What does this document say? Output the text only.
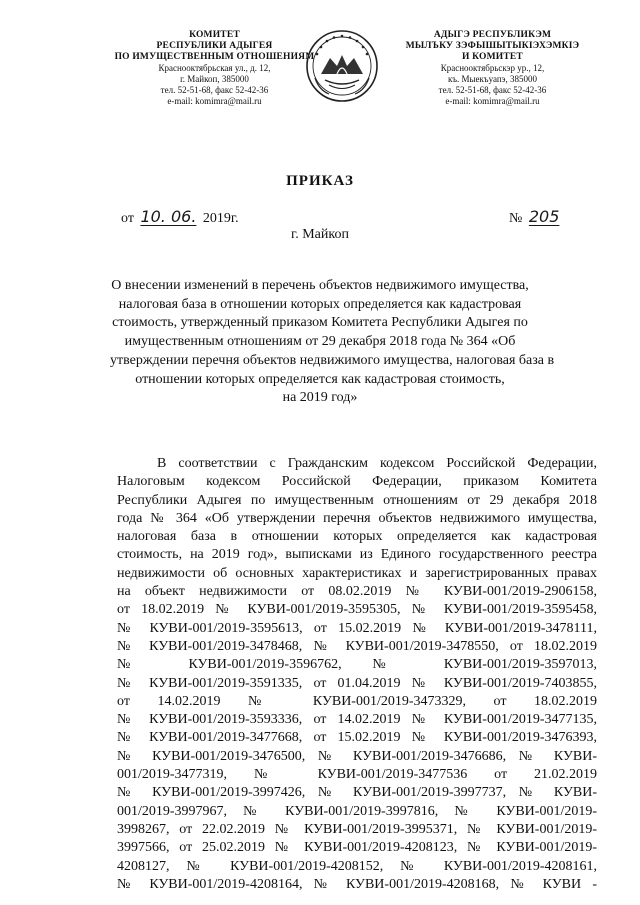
КОМИТЕТ
РЕСПУБЛИКИ АДЫГЕЯ
ПО ИМУЩЕСТВЕННЫМ ОТНОШЕНИЯМ
Краснооктябрьская ул., д. 12,
г. Майкоп, 385000
тел. 52-51-68, факс 52-42-36
e-mail: komimra@mail.ru
АДЫГЭ РЕСПУБЛИКЭМ
МЫЛЪКУ ЗЭФЫШЫТЫКІЭХЭМКІЭ
И КОМИТЕТ
Краснооктябрьскэр ур., 12,
къ. Мыекъуапэ, 385000
тел. 52-51-68, факс 52-42-36
e-mail: komimra@mail.ru
ПРИКАЗ
от 10. 06. 2019г.	№ 205
г. Майкоп
О внесении изменений в перечень объектов недвижимого имущества,
налоговая база в отношении которых определяется как кадастровая
стоимость, утвержденный приказом Комитета Республики Адыгея по
имущественным отношениям от 29 декабря 2018 года № 364 «Об
утверждении перечня объектов недвижимого имущества, налоговая база в
отношении которых определяется как кадастровая стоимость,
на 2019 год»
В соответствии с Гражданским кодексом Российской Федерации,
Налоговым кодексом Российской Федерации, приказом Комитета
Республики Адыгея по имущественным отношениям от 29 декабря 2018
года № 364 «Об утверждении перечня объектов недвижимого имущества,
налоговая база в отношении которых определяется как кадастровая
стоимость, на 2019 год», выписками из Единого государственного реестра
недвижимости об основных характеристиках и зарегистрированных правах
на объект недвижимости от 08.02.2019 № КУВИ-001/2019-2906158,
от 18.02.2019 № КУВИ-001/2019-3595305, № КУВИ-001/2019-3595458,
№ КУВИ-001/2019-3595613, от 15.02.2019 № КУВИ-001/2019-3478111,
№ КУВИ-001/2019-3478468, № КУВИ-001/2019-3478550, от 18.02.2019
№ КУВИ-001/2019-3596762, № КУВИ-001/2019-3597013,
№ КУВИ-001/2019-3591335, от 01.04.2019 № КУВИ-001/2019-7403855,
от 14.02.2019 № КУВИ-001/2019-3473329, от 18.02.2019
№ КУВИ-001/2019-3593336, от 14.02.2019 № КУВИ-001/2019-3477135,
№ КУВИ-001/2019-3477668, от 15.02.2019 № КУВИ-001/2019-3476393,
№ КУВИ-001/2019-3476500, № КУВИ-001/2019-3476686, № КУВИ-
001/2019-3477319, № КУВИ-001/2019-3477536 от 21.02.2019
№ КУВИ-001/2019-3997426, № КУВИ-001/2019-3997737, № КУВИ-
001/2019-3997967, № КУВИ-001/2019-3997816, № КУВИ-001/2019-
3998267, от 22.02.2019 № КУВИ-001/2019-3995371, № КУВИ-001/2019-
3997566, от 25.02.2019 № КУВИ-001/2019-4208123, № КУВИ-001/2019-
4208127, № КУВИ-001/2019-4208152, № КУВИ-001/2019-4208161,
№ КУВИ-001/2019-4208164, № КУВИ-001/2019-4208168, № КУВИ -
